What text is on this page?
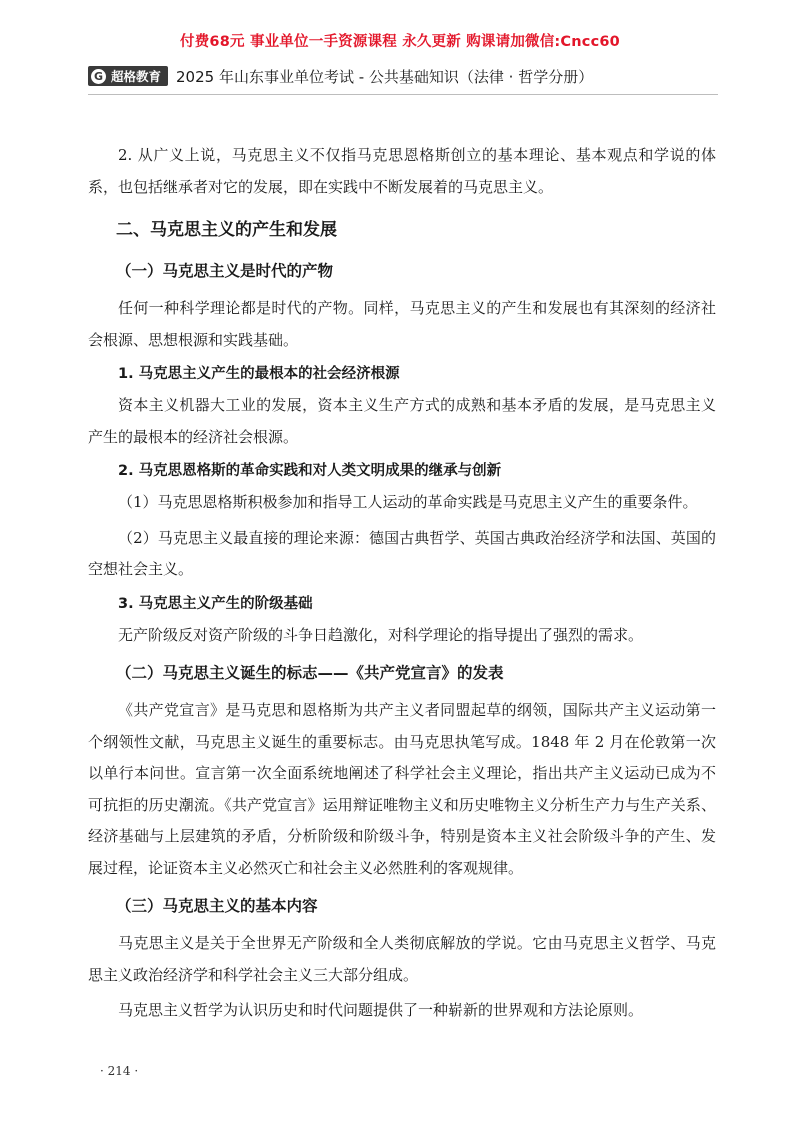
付费68元 事业单位一手资源课程 永久更新 购课请加微信:Cncc60
G 超格教育 2025 年山东事业单位考试 - 公共基础知识（法律 · 哲学分册）

2. 从广义上说，马克思主义不仅指马克思恩格斯创立的基本理论、基本观点和学说的体系，也包括继承者对它的发展，即在实践中不断发展着的马克思主义。

二、马克思主义的产生和发展
（一）马克思主义是时代的产物

任何一种科学理论都是时代的产物。同样，马克思主义的产生和发展也有其深刻的经济社会根源、思想根源和实践基础。

1. 马克思主义产生的最根本的社会经济根源

资本主义机器大工业的发展，资本主义生产方式的成熟和基本矛盾的发展，是马克思主义产生的最根本的经济社会根源。

2. 马克思恩格斯的革命实践和对人类文明成果的继承与创新

（1）马克思恩格斯积极参加和指导工人运动的革命实践是马克思主义产生的重要条件。

（2）马克思主义最直接的理论来源：德国古典哲学、英国古典政治经济学和法国、英国的空想社会主义。

3. 马克思主义产生的阶级基础

无产阶级反对资产阶级的斗争日趋激化，对科学理论的指导提出了强烈的需求。

（二）马克思主义诞生的标志——《共产党宣言》的发表

《共产党宣言》是马克思和恩格斯为共产主义者同盟起草的纲领，国际共产主义运动第一个纲领性文献，马克思主义诞生的重要标志。由马克思执笔写成。1848 年 2 月在伦敦第一次以单行本问世。宣言第一次全面系统地阐述了科学社会主义理论，指出共产主义运动已成为不可抗拒的历史潮流。《共产党宣言》运用辩证唯物主义和历史唯物主义分析生产力与生产关系、经济基础与上层建筑的矛盾，分析阶级和阶级斗争，特别是资本主义社会阶级斗争的产生、发展过程，论证资本主义必然灭亡和社会主义必然胜利的客观规律。

（三）马克思主义的基本内容

马克思主义是关于全世界无产阶级和全人类彻底解放的学说。它由马克思主义哲学、马克思主义政治经济学和科学社会主义三大部分组成。

马克思主义哲学为认识历史和时代问题提供了一种崭新的世界观和方法论原则。

· 214 ·
